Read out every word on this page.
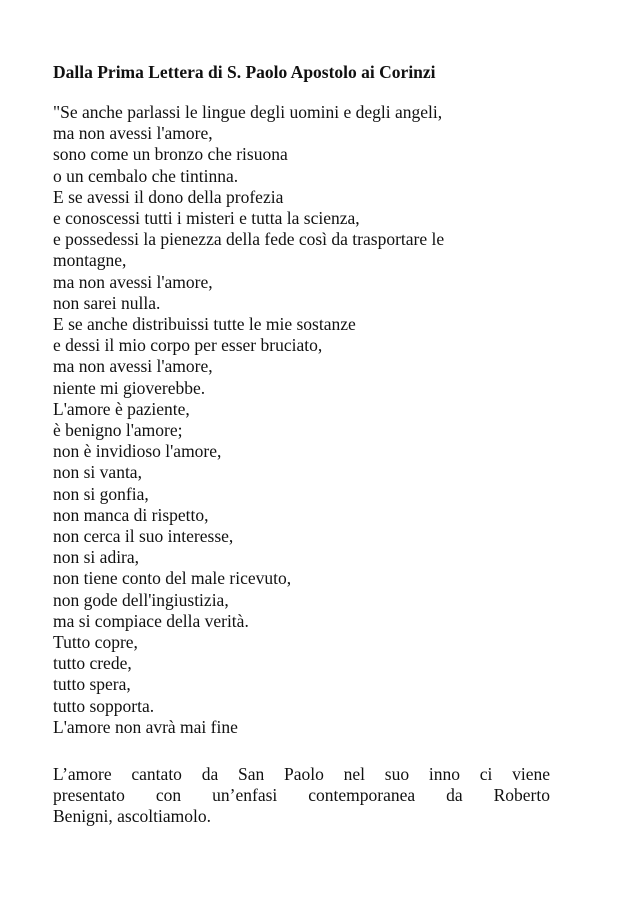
Dalla Prima Lettera di S. Paolo Apostolo ai Corinzi
"Se anche parlassi le lingue degli uomini e degli angeli,
ma non avessi l'amore,
sono come un bronzo che risuona
o un cembalo che tintinna.
E se avessi il dono della profezia
e conoscessi tutti i misteri e tutta la scienza,
e possedessi la pienezza della fede così da trasportare le
montagne,
ma non avessi l'amore,
non sarei nulla.
E se anche distribuissi tutte le mie sostanze
e dessi il mio corpo per esser bruciato,
ma non avessi l'amore,
niente mi gioverebbe.
L'amore è paziente,
è benigno l'amore;
non è invidioso l'amore,
non si vanta,
non si gonfia,
non manca di rispetto,
non cerca il suo interesse,
non si adira,
non tiene conto del male ricevuto,
non gode dell'ingiustizia,
ma si compiace della verità.
Tutto copre,
tutto crede,
tutto spera,
tutto sopporta.
L'amore non avrà mai fine

L’amore cantato da San Paolo nel suo inno ci viene
presentato con un’enfasi contemporanea da Roberto
Benigni, ascoltiamolo.
